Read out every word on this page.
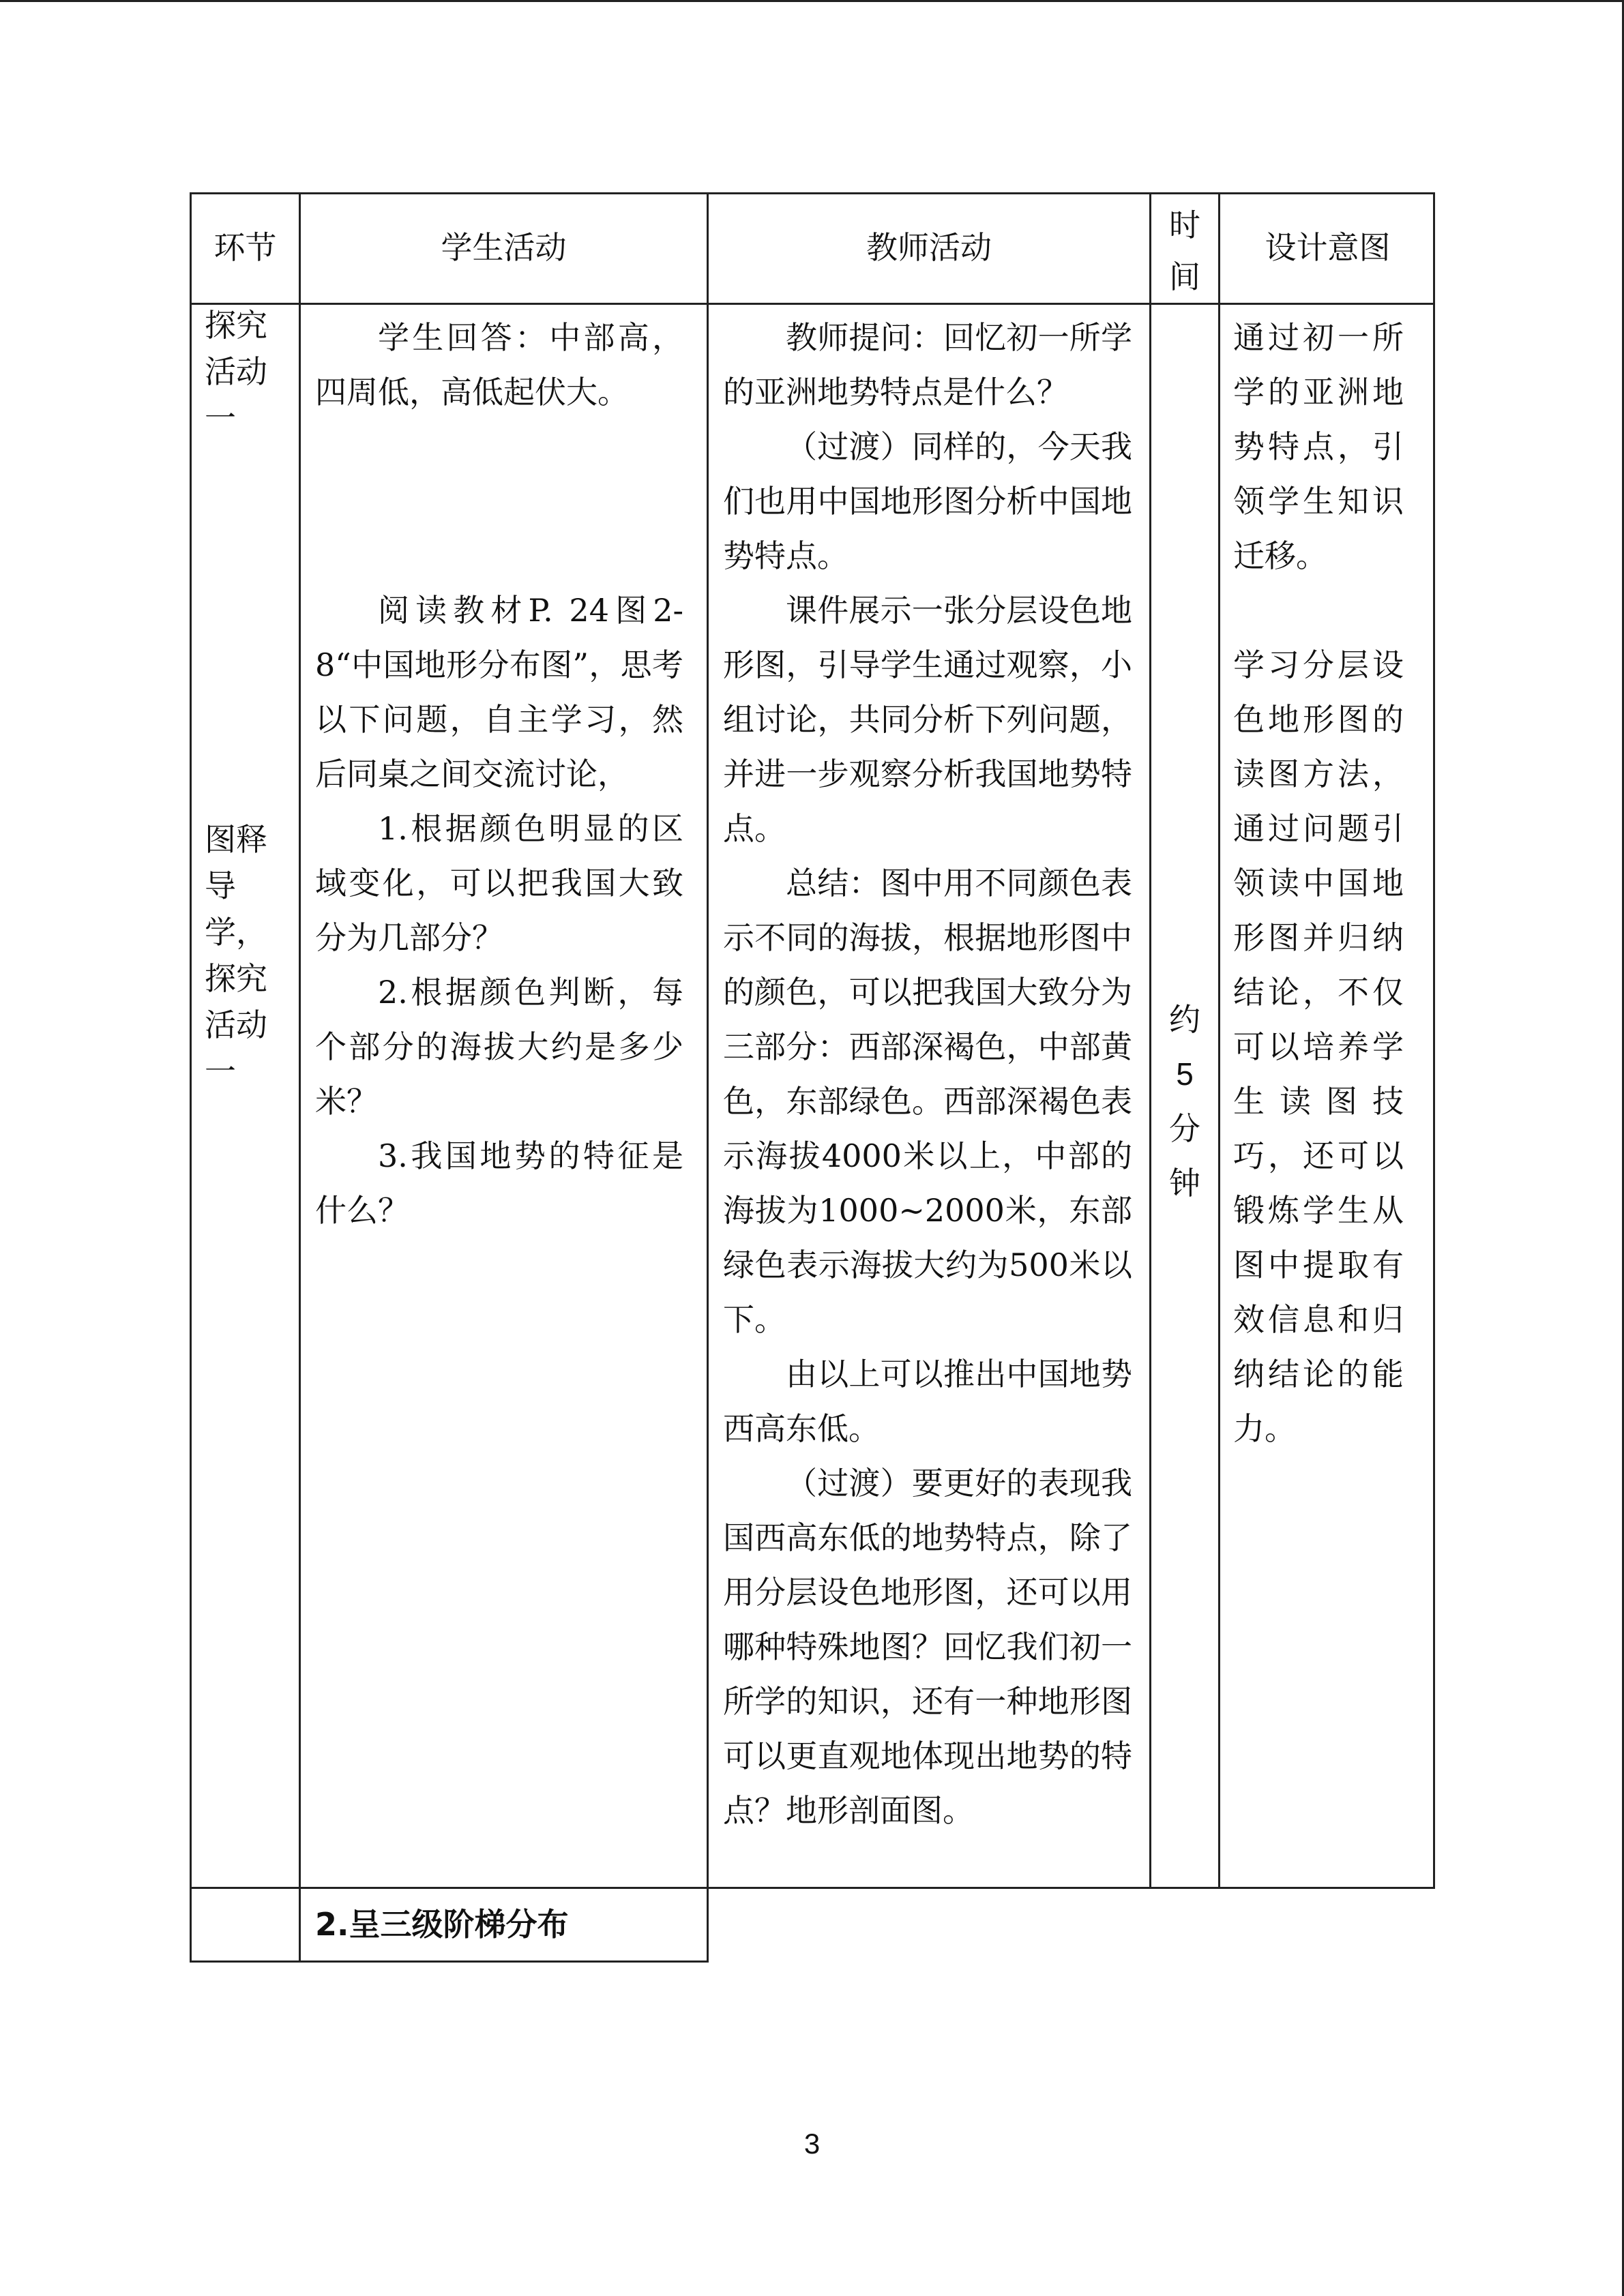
环节	学生活动	教师活动
时
间
设计意图
探究
活动
一
图释
导
学，
探究
活动
一

学生回答：中部高，四周低，高低起伏大。

阅读教材P. 24图2-8“中国地形分布图”，思考以下问题，自主学习，然后同桌之间交流讨论，

1.根据颜色明显的区域变化，可以把我国大致分为几部分？

2.根据颜色判断，每个部分的海拔大约是多少米？

3.我国地势的特征是什么？

教师提问：回忆初一所学的亚洲地势特点是什么？

（过渡）同样的，今天我们也用中国地形图分析中国地势特点。

课件展示一张分层设色地形图，引导学生通过观察，小组讨论，共同分析下列问题，并进一步观察分析我国地势特点。

总结：图中用不同颜色表示不同的海拔，根据地形图中的颜色，可以把我国大致分为三部分：西部深褐色，中部黄色，东部绿色。西部深褐色表示海拔4000米以上，中部的海拔为1000~2000米，东部绿色表示海拔大约为500米以下。

由以上可以推出中国地势西高东低。

（过渡）要更好的表现我国西高东低的地势特点，除了用分层设色地形图，还可以用哪种特殊地图？回忆我们初一所学的知识，还有一种地形图可以更直观地体现出地势的特点？地形剖面图。

约
5
分
钟

通过初一所学的亚洲地势特点，引领学生知识迁移。

学习分层设色地形图的读图方法，通过问题引领读中国地形图并归纳结论，不仅可以培养学生读图技巧，还可以锻炼学生从图中提取有效信息和归纳结论的能力。

2.呈三级阶梯分布
3
